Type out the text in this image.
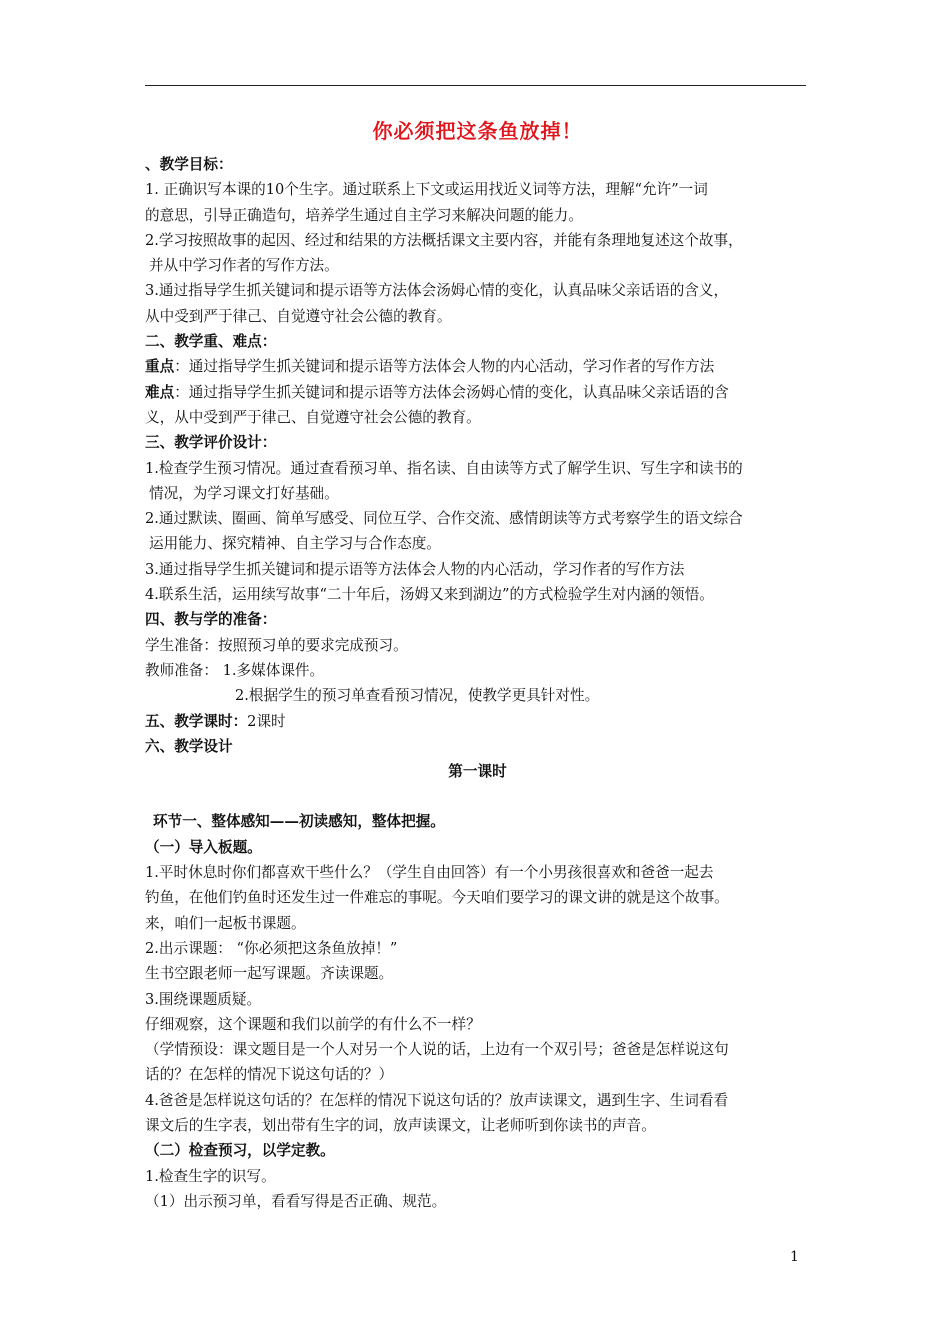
你必须把这条鱼放掉！
、教学目标：
1. 正确识写本课的10个生字。通过联系上下文或运用找近义词等方法，理解“允许”一词
的意思，引导正确造句，培养学生通过自主学习来解决问题的能力。
2.学习按照故事的起因、经过和结果的方法概括课文主要内容，并能有条理地复述这个故事，
并从中学习作者的写作方法。
3.通过指导学生抓关键词和提示语等方法体会汤姆心情的变化，认真品味父亲话语的含义，
从中受到严于律己、自觉遵守社会公德的教育。
二、教学重、难点：
重点：通过指导学生抓关键词和提示语等方法体会人物的内心活动，学习作者的写作方法
难点：通过指导学生抓关键词和提示语等方法体会汤姆心情的变化，认真品味父亲话语的含
义，从中受到严于律己、自觉遵守社会公德的教育。
三、教学评价设计：
1.检查学生预习情况。通过查看预习单、指名读、自由读等方式了解学生识、写生字和读书的
情况，为学习课文打好基础。
2.通过默读、圈画、简单写感受、同位互学、合作交流、感情朗读等方式考察学生的语文综合
运用能力、探究精神、自主学习与合作态度。
3.通过指导学生抓关键词和提示语等方法体会人物的内心活动，学习作者的写作方法
4.联系生活，运用续写故事“二十年后，汤姆又来到湖边”的方式检验学生对内涵的领悟。
四、教与学的准备：
学生准备：按照预习单的要求完成预习。
教师准备： 1.多媒体课件。
2.根据学生的预习单查看预习情况，使教学更具针对性。
五、教学课时：2课时
六、教学设计
第一课时
环节一、整体感知——初读感知，整体把握。
（一）导入板题。
1.平时休息时你们都喜欢干些什么？（学生自由回答）有一个小男孩很喜欢和爸爸一起去
钓鱼，在他们钓鱼时还发生过一件难忘的事呢。今天咱们要学习的课文讲的就是这个故事。
来，咱们一起板书课题。
2.出示课题： “你必须把这条鱼放掉！”
生书空跟老师一起写课题。齐读课题。
3.围绕课题质疑。
仔细观察，这个课题和我们以前学的有什么不一样？
（学情预设：课文题目是一个人对另一个人说的话，上边有一个双引号；爸爸是怎样说这句
话的？在怎样的情况下说这句话的？）
4.爸爸是怎样说这句话的？在怎样的情况下说这句话的？放声读课文，遇到生字、生词看看
课文后的生字表，划出带有生字的词，放声读课文，让老师听到你读书的声音。
（二）检查预习，以学定教。
1.检查生字的识写。
（1）出示预习单，看看写得是否正确、规范。
1
